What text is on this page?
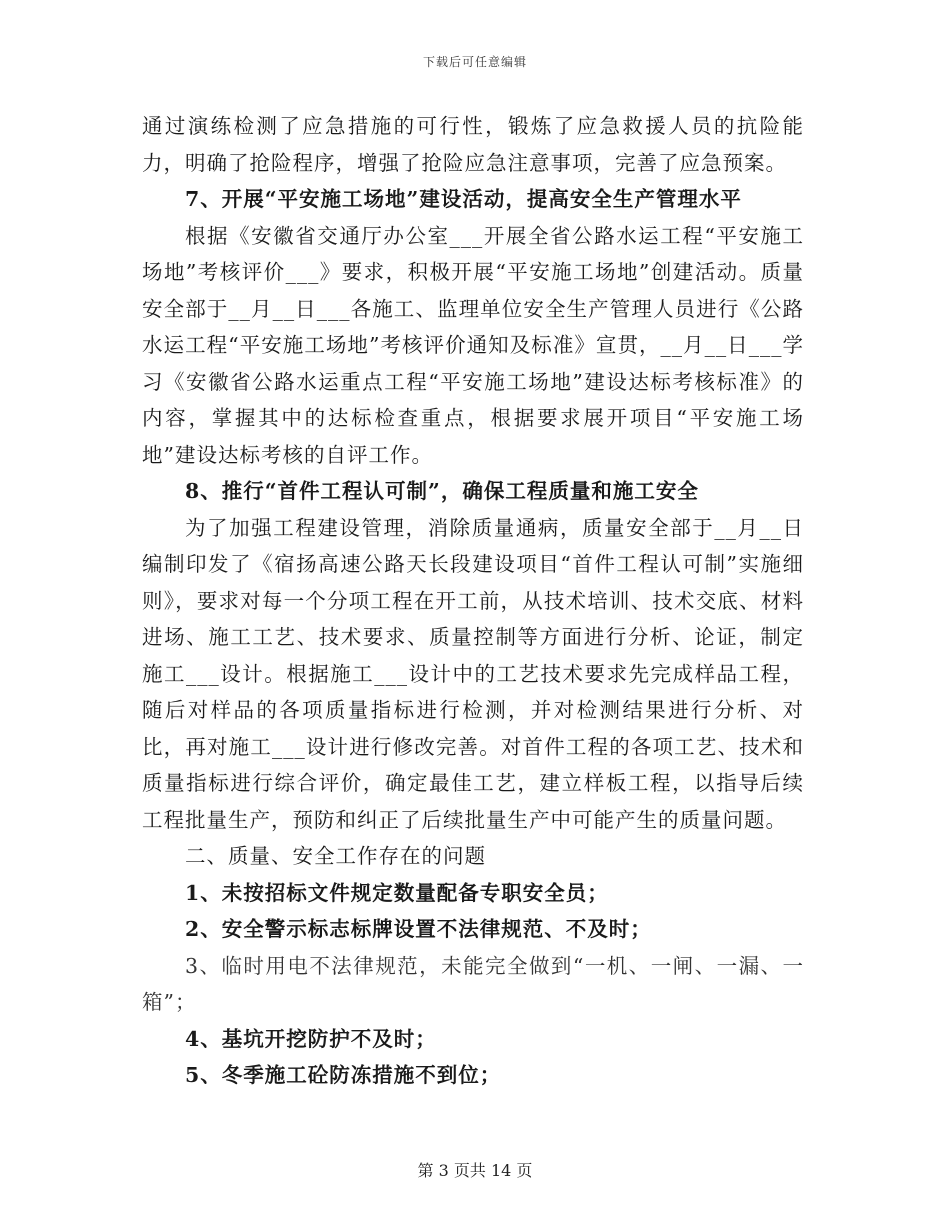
下载后可任意编辑

通过演练检测了应急措施的可行性，锻炼了应急救援人员的抗险能力，明确了抢险程序，增强了抢险应急注意事项，完善了应急预案。

7、开展“平安施工场地”建设活动，提高安全生产管理水平

根据《安徽省交通厅办公室___开展全省公路水运工程“平安施工场地”考核评价___》要求，积极开展“平安施工场地”创建活动。质量安全部于__月__日___各施工、监理单位安全生产管理人员进行《公路水运工程“平安施工场地”考核评价通知及标准》宣贯，__月__日___学习《安徽省公路水运重点工程“平安施工场地”建设达标考核标准》的内容，掌握其中的达标检查重点，根据要求展开项目“平安施工场地”建设达标考核的自评工作。

8、推行“首件工程认可制”，确保工程质量和施工安全

为了加强工程建设管理，消除质量通病，质量安全部于__月__日编制印发了《宿扬高速公路天长段建设项目“首件工程认可制”实施细则》，要求对每一个分项工程在开工前，从技术培训、技术交底、材料进场、施工工艺、技术要求、质量控制等方面进行分析、论证，制定施工___设计。根据施工___设计中的工艺技术要求先完成样品工程，随后对样品的各项质量指标进行检测，并对检测结果进行分析、对比，再对施工___设计进行修改完善。对首件工程的各项工艺、技术和质量指标进行综合评价，确定最佳工艺，建立样板工程，以指导后续工程批量生产，预防和纠正了后续批量生产中可能产生的质量问题。

二、质量、安全工作存在的问题

1、未按招标文件规定数量配备专职安全员；

2、安全警示标志标牌设置不法律规范、不及时；

3、临时用电不法律规范，未能完全做到“一机、一闸、一漏、一箱”；

4、基坑开挖防护不及时；

5、冬季施工砼防冻措施不到位；

第 3 页共 14 页
